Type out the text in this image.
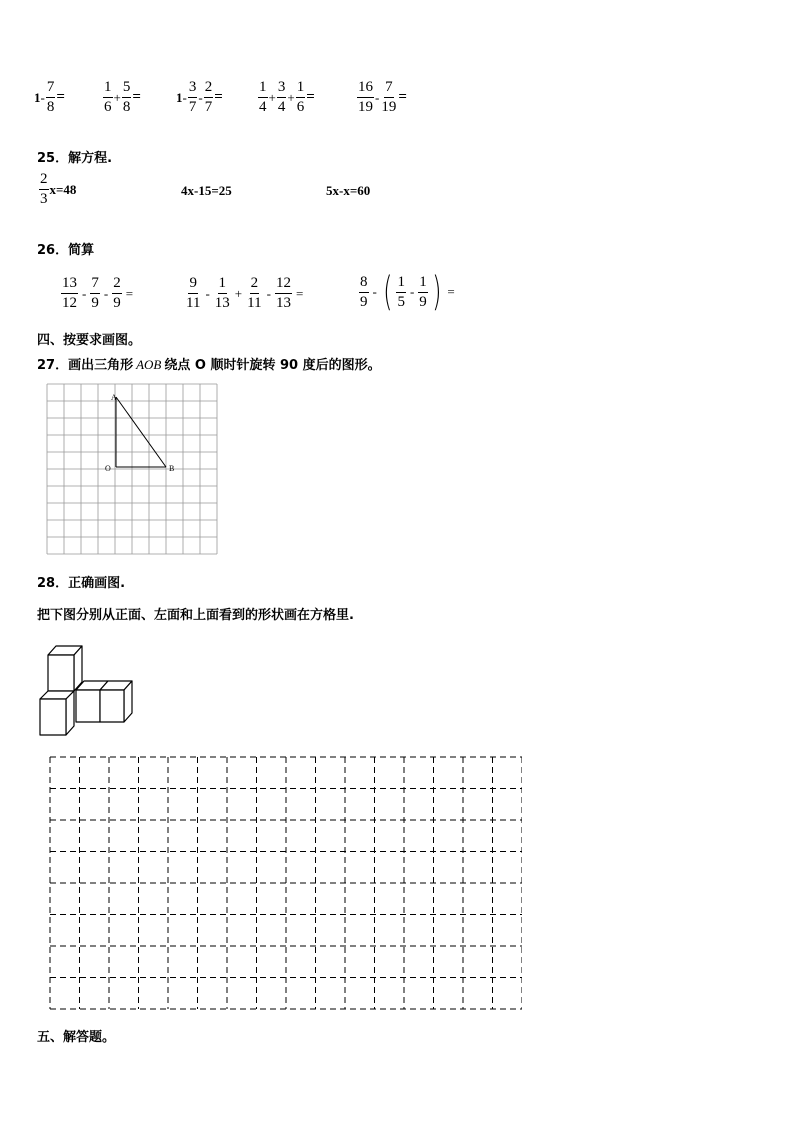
$1 - \frac{7}{8}$ =	$\frac{1}{6} + \frac{5}{8}$ =	$1 - \frac{3}{7} - \frac{2}{7} = \frac{1}{4} + \frac{3}{4} + \frac{1}{6}$ =	$\frac{16}{19} - \frac{7}{19}$ =
25．解方程.
$\frac{2}{3} x=48$	4x-15=25	5x-x=60
26．简算
$\frac{13}{12} - \frac{7}{9} - \frac{2}{9}$ =	$\frac{9}{11} - \frac{1}{13} + \frac{2}{11} - \frac{12}{13}$ =	$\frac{8}{9}$ - ( $\frac{1}{5} - \frac{1}{9}$ ) =
四、按要求画图。
27．画出三角形 AOB 绕点 O 顺时针旋转 90 度后的图形。
A
O	B
28．正确画图.
把下图分别从正面、左面和上面看到的形状画在方格里.
五、解答题。
